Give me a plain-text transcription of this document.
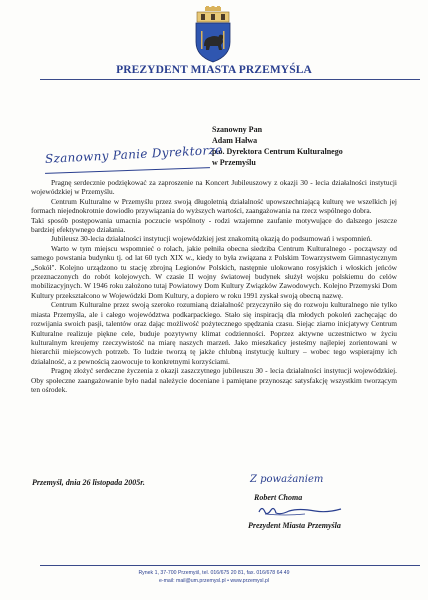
PREZYDENT MIASTA PRZEMYŚLA
Szanowny Pan
Adam Hałwa
p.o. Dyrektora Centrum Kulturalnego
w Przemyślu
Szanowny Panie Dyrektorze

Pragnę serdecznie podziękować za zaproszenie na Koncert Jubileuszowy z okazji 30 - lecia działalności instytucji wojewódzkiej w Przemyślu.

Centrum Kulturalne w Przemyślu przez swoją długoletnią działalność upowszechniającą kulturę we wszelkich jej formach niejednokrotnie dowiodło przywiązania do wyższych wartości, zaangażowania na rzecz wspólnego dobra.

Taki sposób postępowania umacnia poczucie wspólnoty - rodzi wzajemne zaufanie motywujące do dalszego jeszcze bardziej efektywnego działania.

Jubileusz 30-lecia działalności instytucji wojewódzkiej jest znakomitą okazją do podsumowań i wspomnień.

Warto w tym miejscu wspomnieć o rolach, jakie pełniła obecna siedziba Centrum Kulturalnego - począwszy od samego powstania budynku tj. od lat 60 tych XIX w., kiedy to była związana z Polskim Towarzystwem Gimnastycznym „Sokół". Kolejno urządzono tu stację zbrojną Legionów Polskich, następnie ulokowano rosyjskich i włoskich jeńców przeznaczonych do robót kolejowych. W czasie II wojny światowej budynek służył wojsku polskiemu do celów mobilizacyjnych. W 1946 roku założono tutaj Powiatowy Dom Kultury Związków Zawodowych. Kolejno Przemyski Dom Kultury przekształcono w Wojewódzki Dom Kultury, a dopiero w roku 1991 zyskał swoją obecną nazwę.

Centrum Kulturalne przez swoją szeroko rozumianą działalność przyczyniło się do rozwoju kulturalnego nie tylko miasta Przemyśla, ale i całego województwa podkarpackiego. Stało się inspiracją dla młodych pokoleń zachęcając do rozwijania swoich pasji, talentów oraz dając możliwość pożytecznego spędzania czasu. Siejąc ziarno inicjatywy Centrum Kulturalne realizuje piękne cele, buduje pozytywny klimat codzienności. Poprzez aktywne uczestnictwo w życiu kulturalnym kreujemy rzeczywistość na miarę naszych marzeń. Jako mieszkańcy jesteśmy najlepiej zorientowani w hierarchii miejscowych potrzeb. To ludzie tworzą tę jakże chlubną instytucję kultury – wobec tego wspierajmy ich działalność, a z pewnością zaowocuje to konkretnymi korzyściami.

Pragnę złożyć serdeczne życzenia z okazji zaszczytnego jubileuszu 30 - lecia działalności instytucji wojewódzkiej. Oby społeczne zaangażowanie było nadal należycie doceniane i pamiętane przynosząc satysfakcję wszystkim tworzącym ten ośrodek.

Przemyśl, dnia 26 listopada 2005r.	Z poważaniem
Robert Choma
Prezydent Miasta Przemyśla
Rynek 1, 37-700 Przemyśl, tel. 016/675 20 81, fax. 016/678 64 49
e-mail: mail@um.przemysl.pl • www.przemysl.pl
